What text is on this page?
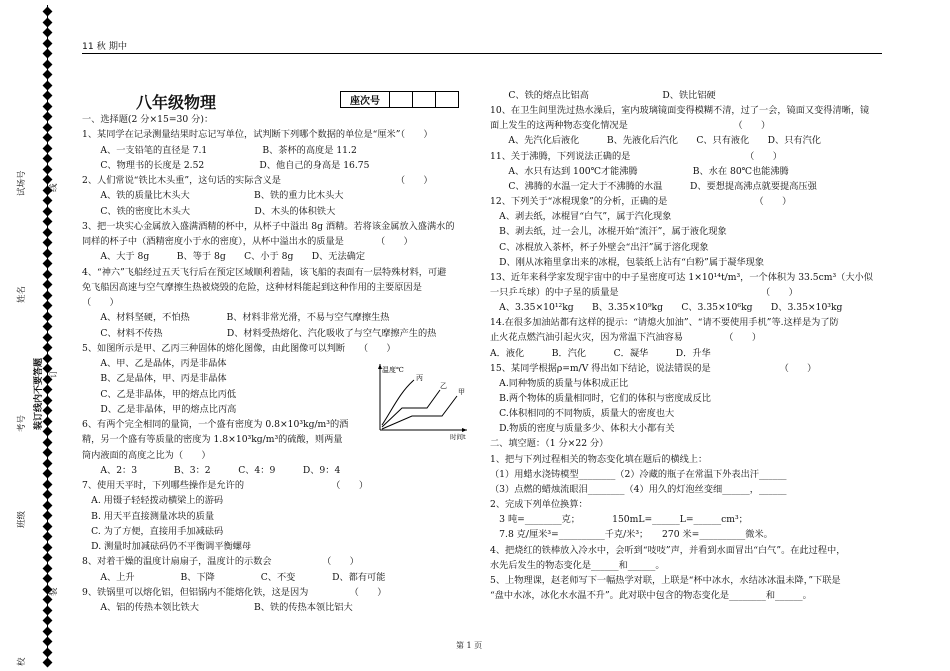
试场号
姓名
装订线内不要答题
考号
班级
校
线
订
装
11 秋 期中
八年级物理	座次号			
一、选择题(2 分×15=30 分)：
1、某同学在记录测量结果时忘记写单位，试判断下列哪个数据的单位是“厘米”（　　）
　　A、一支铅笔的直径是 7.1　　　　　　B、茶杯的高度是 11.2
　　C、物理书的长度是 2.52　　　　　　D、他自己的身高是 16.75
2、人们常说“铁比木头重”，这句话的实际含义是　　　　　　　　　　　　　（　　）
　　A、铁的质量比木头大　　　　　　　B、铁的重力比木头大
　　C、铁的密度比木头大　　　　　　　D、木头的体积铁大
3、把一块实心金属放入盛满酒精的杯中，从杯子中溢出 8g 酒精。若将该金属放入盛满水的
同样的杯子中（酒精密度小于水的密度），从杯中溢出水的质量是　　　　（　　）
　　A、大于 8g　　　B、等于 8g　　C、小于 8g　　D、无法确定
4、“神六”飞船经过五天飞行后在预定区域顺利着陆，该飞船的表面有一层特殊材料，可避
免飞船因高速与空气摩擦生热被烧毁的危险，这种材料能起到这种作用的主要原因是
（　　）
　　A、材料坚硬，不怕热　　　　B、材料非常光滑，不易与空气摩擦生热
　　C、材料不传热　　　　　　　D、材料受热熔化、汽化吸收了与空气摩擦产生的热
5、如图所示是甲、乙丙三种固体的熔化图像，由此图像可以判断　　（　　）
　　A、甲、乙是晶体，丙是非晶体
　　B、乙是晶体，甲、丙是非晶体
　　C、乙是非晶体，甲的熔点比丙低
　　D、乙是非晶体，甲的熔点比丙高
6、有两个完全相同的量筒，一个盛有密度为 0.8×10³kg/m³的酒
精，另一个盛有等质量的密度为 1.8×10³kg/m³的硫酸，则两量
筒内液面的高度之比为（　　）
　　A、2：3　　　　B、3：2　　　C、4：9　　　D、9：4
7、使用天平时，下列哪些操作是允许的　　　　　　　　　　（　　）
　A. 用镊子轻轻拨动横梁上的游码
　B. 用天平直接测量冰块的质量
　C. 为了方便，直接用手加减砝码
　D. 测量时加减砝码仍不平衡调平衡螺母
8、对着干燥的温度计扇扇子，温度计的示数会　　　　　　（　　）
　　A、上升　　　　　B、下降　　　　　C、不变　　　　D、都有可能
9、铁锅里可以熔化铝，但铝锅内不能熔化铁，这是因为　　　　　（　　）
　　A、铝的传热本领比铁大　　　　　　B、铁的传热本领比铝大
　　C、铁的熔点比铝高　　　　　　　　D、铁比铝硬
10、在卫生间里洗过热水澡后，室内玻璃镜面变得模糊不清，过了一会，镜面又变得清晰，镜
面上发生的这两种物态变化情况是　　　　　　　　　　　　（　　）
　　A、先汽化后液化　　　B、先液化后汽化　　C、只有液化　　D、只有汽化
11、关于沸腾，下列说法正确的是　　　　　　　　　　　　　（　　）
　　A、水只有达到 100℃才能沸腾　　　　　　B、水在 80℃也能沸腾
　　C、沸腾的水温一定大于不沸腾的水温　　　D、要想提高沸点就要提高压强
12、下列关于“冰棍现象”的分析，正确的是　　　　　　　　　　（　　）
　A、剥去纸，冰棍冒“白气”，属于汽化现象
　B、剥去纸，过一会儿，冰棍开始“流汗”，属于液化现象
　C、冰棍放入茶杯，杯子外壁会“出汗”属于溶化现象
　D、刚从冰箱里拿出来的冰棍，包装纸上沾有“白粉”属于凝华现象
13、近年来科学家发现宇宙中的中子星密度可达 1×10¹⁴t/m³，一个体积为 33.5cm³（大小似
一只乒乓球）的中子星的质量是　　　　　　　　　　　　　　　　（　　）
　A、3.35×10¹²kg　　B、3.35×10⁹kg　　C、3.35×10⁶kg　　D、3.35×10³kg
14.在很多加油站都有这样的提示：“请熄火加油”、“请不要使用手机”等.这样是为了防
止火花点燃汽油引起火灾，因为常温下汽油容易　　　　　（　　）
A．液化　　　B．汽化　　　C．凝华　　　D．升华
15、某同学根据ρ=m/V 得出如下结论，说法错误的是　　　　　　　　（　　）
　A.同种物质的质量与体积成正比
　B.两个物体的质量相同时，它们的体积与密度成反比
　C.体积相同的不同物质，质量大的密度也大
　D.物质的密度与质量多少、体积大小都有关
二、填空题：（1 分×22 分）
1、把与下列过程相关的物态变化填在题后的横线上：
（1）用蜡水浇铸模型________（2）冷藏的瓶子在常温下外表出汗______
（3）点燃的蜡烛流眼泪________（4）用久的灯泡丝变细______，______
2、完成下列单位换算：
　3 吨=________克；　　　　150mL=______L=______cm³；
　7.8 克/厘米³=__________千克/米³；　　270 米=__________微米。
4、把烧红的铁棒放入冷水中，会听到“吱吱”声，并看到水面冒出“白气”。在此过程中，
水先后发生的物态变化是______和______。
5、上物理课，赵老师写下一幅热学对联，上联是“杯中冰水，水结冰冰温未降，”下联是
“盘中水冰，冰化水水温不升”。此对联中包含的物态变化是________和______。
温度℃
丙
乙
甲
时间t
第 1 页
